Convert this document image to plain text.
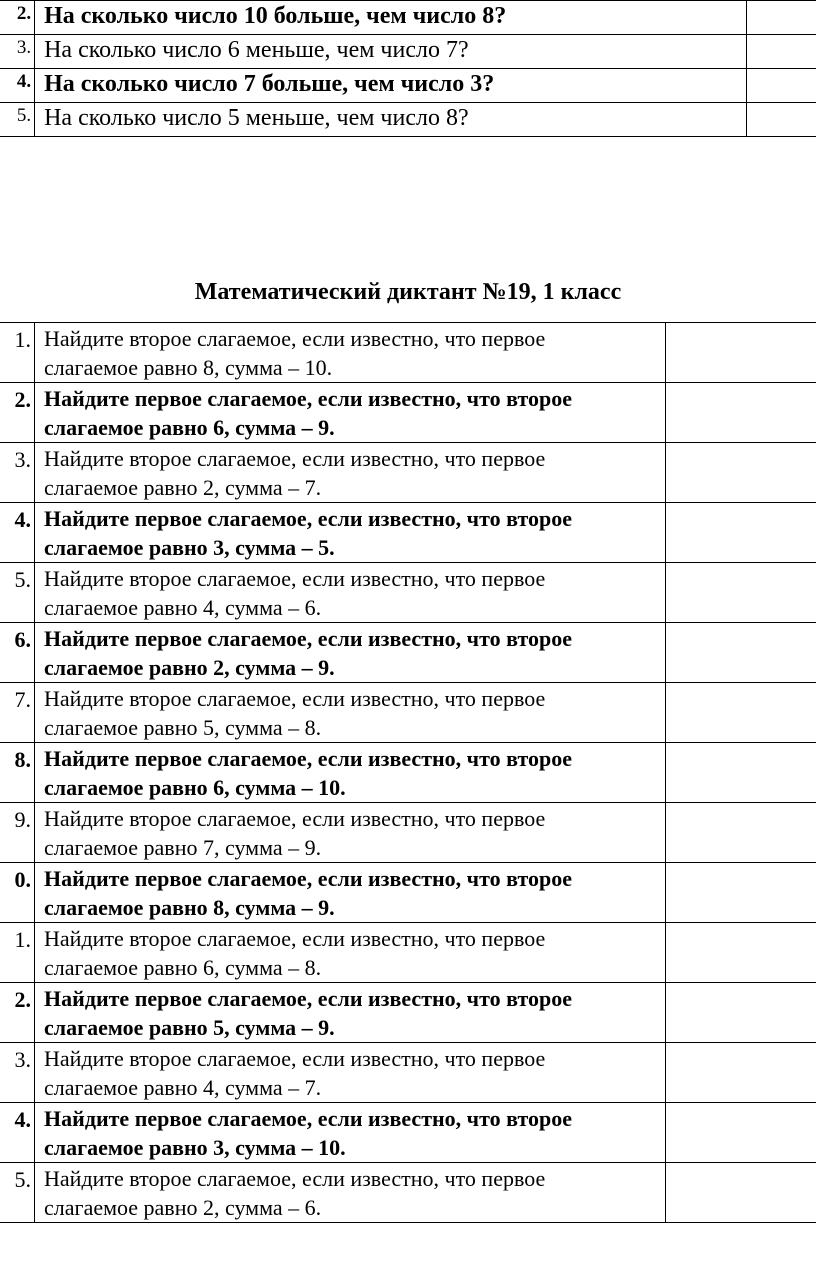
2.	На сколько число 10 больше, чем число 8?	
3.	На сколько число 6 меньше, чем число 7?	
4.	На сколько число 7 больше, чем число 3?	
5.	На сколько число 5 меньше, чем число 8?	
Математический диктант №19, 1 класс
1.	Найдите второе слагаемое, если известно, что первое
слагаемое равно 8, сумма – 10.	

2.	Найдите первое слагаемое, если известно, что второе
слагаемое равно 6, сумма – 9.	

3.	Найдите второе слагаемое, если известно, что первое
слагаемое равно 2, сумма – 7.	

4.	Найдите первое слагаемое, если известно, что второе
слагаемое равно 3, сумма – 5.	

5.	Найдите второе слагаемое, если известно, что первое
слагаемое равно 4, сумма – 6.	

6.	Найдите первое слагаемое, если известно, что второе
слагаемое равно 2, сумма – 9.	

7.	Найдите второе слагаемое, если известно, что первое
слагаемое равно 5, сумма – 8.	

8.	Найдите первое слагаемое, если известно, что второе
слагаемое равно 6, сумма – 10.	

9.	Найдите второе слагаемое, если известно, что первое
слагаемое равно 7, сумма – 9.	

0.	Найдите первое слагаемое, если известно, что второе
слагаемое равно 8, сумма – 9.	

1.	Найдите второе слагаемое, если известно, что первое
слагаемое равно 6, сумма – 8.	

2.	Найдите первое слагаемое, если известно, что второе
слагаемое равно 5, сумма – 9.	

3.	Найдите второе слагаемое, если известно, что первое
слагаемое равно 4, сумма – 7.	

4.	Найдите первое слагаемое, если известно, что второе
слагаемое равно 3, сумма – 10.	

5.	Найдите второе слагаемое, если известно, что первое
слагаемое равно 2, сумма – 6.	
